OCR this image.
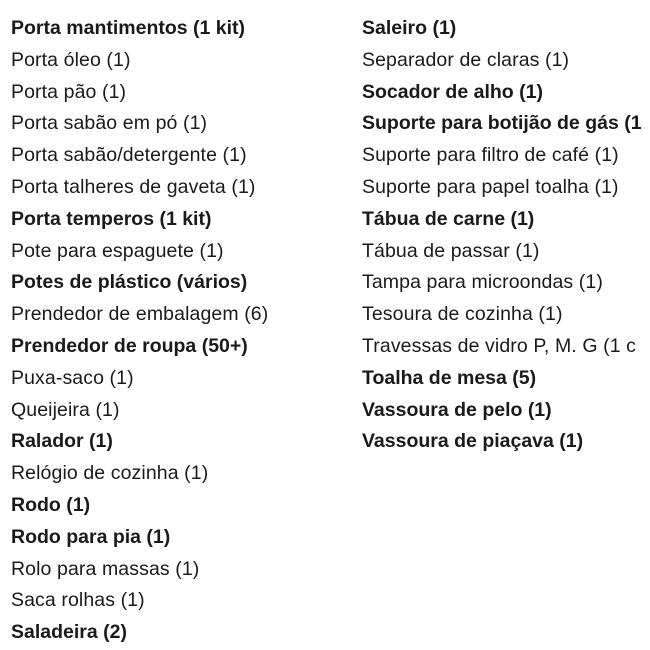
Porta mantimentos (1 kit)
Porta óleo (1)
Porta pão (1)
Porta sabão em pó (1)
Porta sabão/detergente (1)
Porta talheres de gaveta (1)
Porta temperos (1 kit)
Pote para espaguete (1)
Potes de plástico (vários)
Prendedor de embalagem (6)
Prendedor de roupa (50+)
Puxa-saco (1)
Queijeira (1)
Ralador (1)
Relógio de cozinha (1)
Rodo (1)
Rodo para pia (1)
Rolo para massas (1)
Saca rolhas (1)
Saladeira (2)
Saleiro (1)
Separador de claras (1)
Socador de alho (1)
Suporte para botijão de gás (1
Suporte para filtro de café (1)
Suporte para papel toalha (1)
Tábua de carne (1)
Tábua de passar (1)
Tampa para microondas (1)
Tesoura de cozinha (1)
Travessas de vidro P, M. G (1 c
Toalha de mesa (5)
Vassoura de pelo (1)
Vassoura de piaçava (1)
